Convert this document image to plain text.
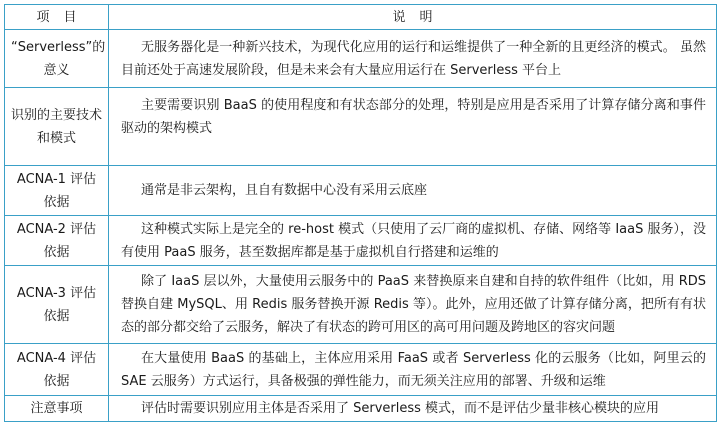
项目	说明
“Serverless”的意义	无服务器化是一种新兴技术，为现代化应用的运行和运维提供了一种全新的且更经济的模式。 虽然目前还处于高速发展阶段，但是未来会有大量应用运行在 Serverless 平台上

识别的主要技术和模式	主要需要识别 BaaS 的使用程度和有状态部分的处理，特别是应用是否采用了计算存储分离和事件驱动的架构模式

ACNA-1 评估依据	通常是非云架构，且自有数据中心没有采用云底座

ACNA-2 评估依据	这种模式实际上是完全的 re-host 模式（只使用了云厂商的虚拟机、存储、网络等 IaaS 服务），没有使用 PaaS 服务，甚至数据库都是基于虚拟机自行搭建和运维的

ACNA-3 评估依据	除了 IaaS 层以外，大量使用云服务中的 PaaS 来替换原来自建和自持的软件组件（比如，用 RDS 替换自建 MySQL、用 Redis 服务替换开源 Redis 等）。此外，应用还做了计算存储分离，把所有有状态的部分都交给了云服务，解决了有状态的跨可用区的高可用问题及跨地区的容灾问题

ACNA-4 评估依据	在大量使用 BaaS 的基础上，主体应用采用 FaaS 或者 Serverless 化的云服务（比如，阿里云的 SAE 云服务）方式运行，具备极强的弹性能力，而无须关注应用的部署、升级和运维

注意事项	评估时需要识别应用主体是否采用了 Serverless 模式，而不是评估少量非核心模块的应用
